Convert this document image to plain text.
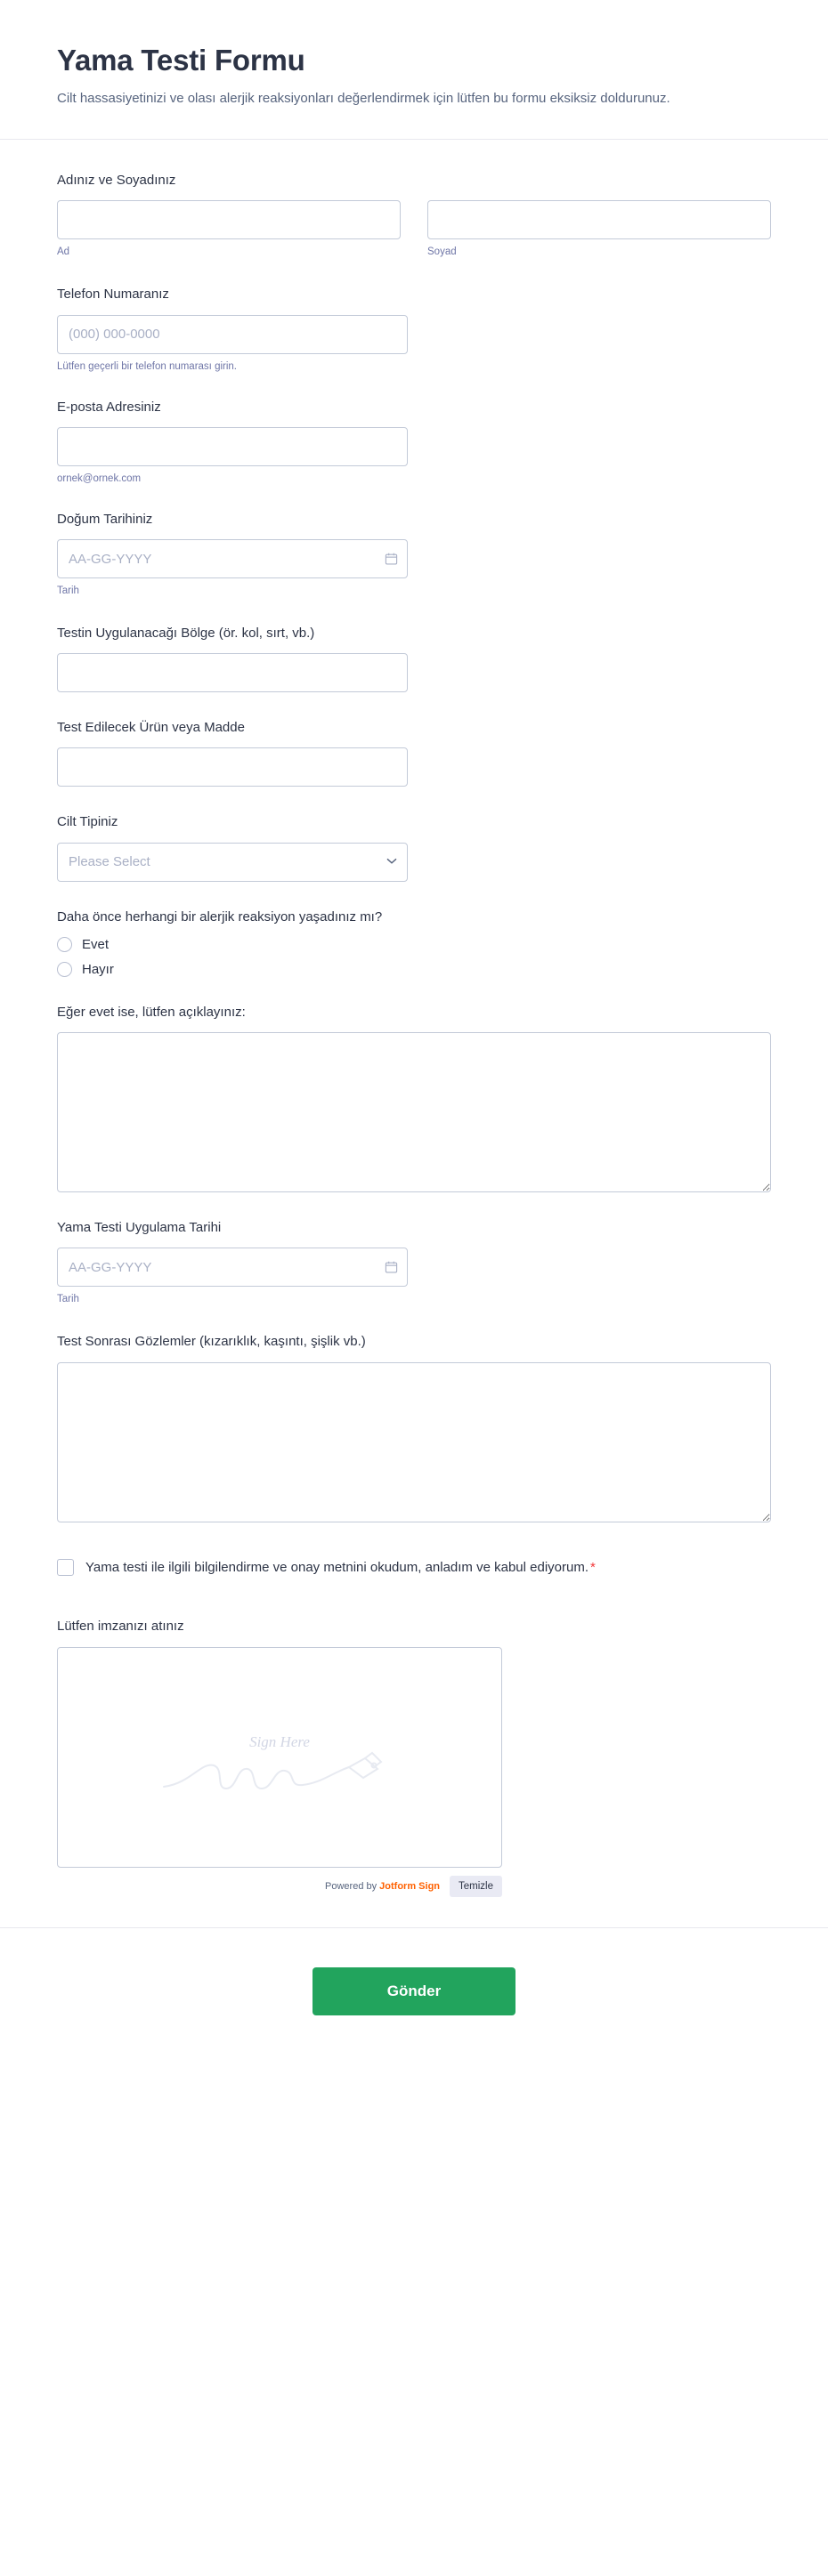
Yama Testi Formu

Cilt hassasiyetinizi ve olası alerjik reaksiyonları değerlendirmek için lütfen bu formu eksiksiz doldurunuz.

Adınız ve Soyadınız
Ad	Soyad
Telefon Numaranız
(000) 000-0000
Lütfen geçerli bir telefon numarası girin.
E-posta Adresiniz
ornek@ornek.com
Doğum Tarihiniz
AA-GG-YYYY
Tarih
Testin Uygulanacağı Bölge (ör. kol, sırt, vb.)
Test Edilecek Ürün veya Madde
Cilt Tipiniz
Please Select
Daha önce herhangi bir alerjik reaksiyon yaşadınız mı?
Evet
Hayır
Eğer evet ise, lütfen açıklayınız:
Yama Testi Uygulama Tarihi
AA-GG-YYYY
Tarih
Test Sonrası Gözlemler (kızarıklık, kaşıntı, şişlik vb.)
Yama testi ile ilgili bilgilendirme ve onay metnini okudum, anladım ve kabul ediyorum. *
Lütfen imzanızı atınız
Sign Here
Powered by Jotform Sign	Temizle
Gönder
